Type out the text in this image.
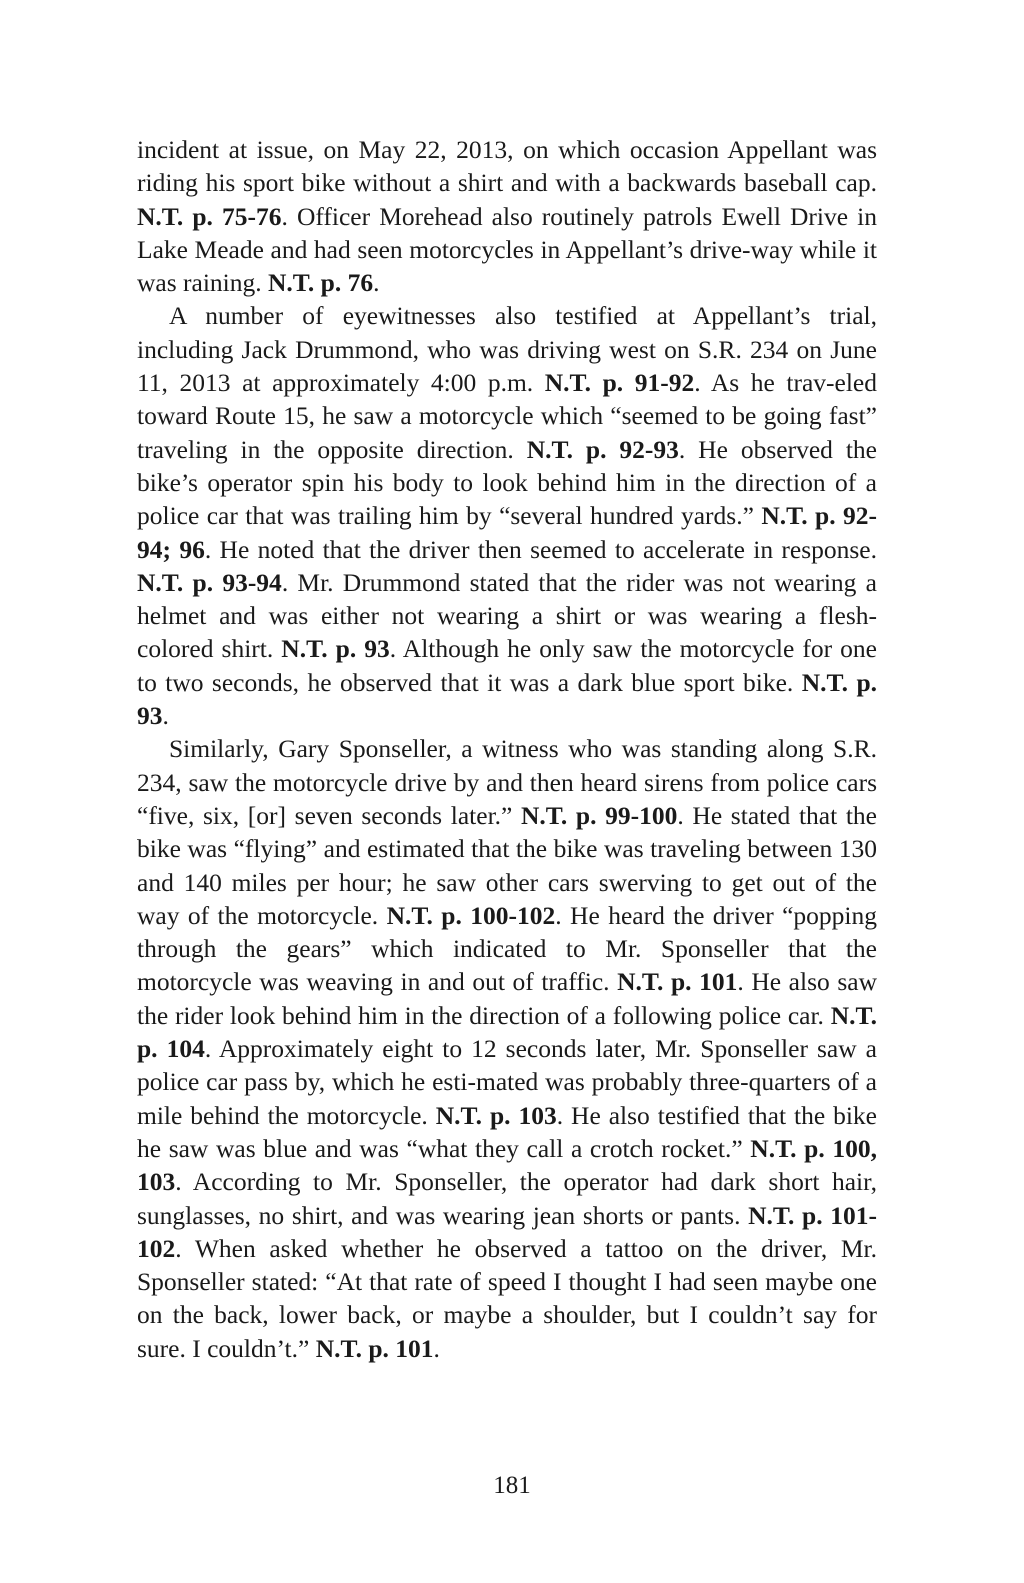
incident at issue, on May 22, 2013, on which occasion Appellant was riding his sport bike without a shirt and with a backwards baseball cap. N.T. p. 75-76. Officer Morehead also routinely patrols Ewell Drive in Lake Meade and had seen motorcycles in Appellant’s drive-way while it was raining. N.T. p. 76.

A number of eyewitnesses also testified at Appellant’s trial, including Jack Drummond, who was driving west on S.R. 234 on June 11, 2013 at approximately 4:00 p.m. N.T. p. 91-92. As he trav-eled toward Route 15, he saw a motorcycle which “seemed to be going fast” traveling in the opposite direction. N.T. p. 92-93. He observed the bike’s operator spin his body to look behind him in the direction of a police car that was trailing him by “several hundred yards.” N.T. p. 92-94; 96. He noted that the driver then seemed to accelerate in response. N.T. p. 93-94. Mr. Drummond stated that the rider was not wearing a helmet and was either not wearing a shirt or was wearing a flesh-colored shirt. N.T. p. 93. Although he only saw the motorcycle for one to two seconds, he observed that it was a dark blue sport bike. N.T. p. 93.

Similarly, Gary Sponseller, a witness who was standing along S.R. 234, saw the motorcycle drive by and then heard sirens from police cars “five, six, [or] seven seconds later.” N.T. p. 99-100. He stated that the bike was “flying” and estimated that the bike was traveling between 130 and 140 miles per hour; he saw other cars swerving to get out of the way of the motorcycle. N.T. p. 100-102. He heard the driver “popping through the gears” which indicated to Mr. Sponseller that the motorcycle was weaving in and out of traffic. N.T. p. 101. He also saw the rider look behind him in the direction of a following police car. N.T. p. 104. Approximately eight to 12 seconds later, Mr. Sponseller saw a police car pass by, which he esti-mated was probably three-quarters of a mile behind the motorcycle. N.T. p. 103. He also testified that the bike he saw was blue and was “what they call a crotch rocket.” N.T. p. 100, 103. According to Mr. Sponseller, the operator had dark short hair, sunglasses, no shirt, and was wearing jean shorts or pants. N.T. p. 101-102. When asked whether he observed a tattoo on the driver, Mr. Sponseller stated: “At that rate of speed I thought I had seen maybe one on the back, lower back, or maybe a shoulder, but I couldn’t say for sure. I couldn’t.” N.T. p. 101.

181
